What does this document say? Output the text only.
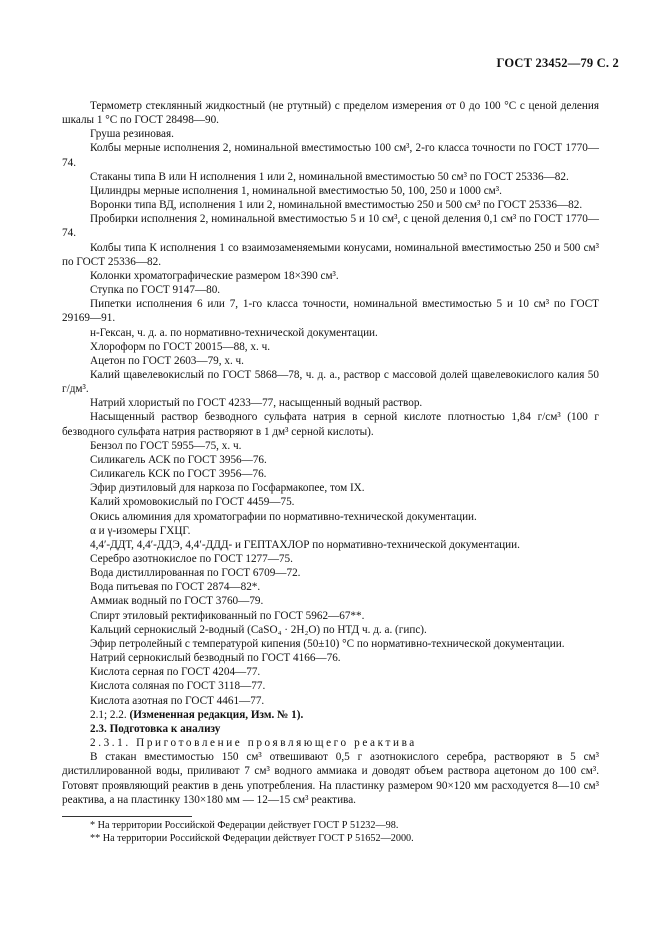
ГОСТ 23452—79 С. 2

Термометр стеклянный жидкостный (не ртутный) с пределом измерения от 0 до 100 °С с ценой деления шкалы 1 °С по ГОСТ 28498—90.

Груша резиновая.

Колбы мерные исполнения 2, номинальной вместимостью 100 см³, 2-го класса точности по ГОСТ 1770—74.

Стаканы типа В или Н исполнения 1 или 2, номинальной вместимостью 50 см³ по ГОСТ 25336—82.

Цилиндры мерные исполнения 1, номинальной вместимостью 50, 100, 250 и 1000 см³.

Воронки типа ВД, исполнения 1 или 2, номинальной вместимостью 250 и 500 см³ по ГОСТ 25336—82.

Пробирки исполнения 2, номинальной вместимостью 5 и 10 см³, с ценой деления 0,1 см³ по ГОСТ 1770—74.

Колбы типа К исполнения 1 со взаимозаменяемыми конусами, номинальной вместимостью 250 и 500 см³ по ГОСТ 25336—82.

Колонки хроматографические размером 18×390 см³.

Ступка по ГОСТ 9147—80.

Пипетки исполнения 6 или 7, 1-го класса точности, номинальной вместимостью 5 и 10 см³ по ГОСТ 29169—91.

н-Гексан, ч. д. а. по нормативно-технической документации.

Хлороформ по ГОСТ 20015—88, х. ч.

Ацетон по ГОСТ 2603—79, х. ч.

Калий щавелевокислый по ГОСТ 5868—78, ч. д. а., раствор с массовой долей щавелевокислого калия 50 г/дм³.

Натрий хлористый по ГОСТ 4233—77, насыщенный водный раствор.

Насыщенный раствор безводного сульфата натрия в серной кислоте плотностью 1,84 г/см³ (100 г безводного сульфата натрия растворяют в 1 дм³ серной кислоты).

Бензол по ГОСТ 5955—75, х. ч.

Силикагель АСК по ГОСТ 3956—76.

Силикагель КСК по ГОСТ 3956—76.

Эфир диэтиловый для наркоза по Госфармакопее, том IX.

Калий хромовокислый по ГОСТ 4459—75.

Окись алюминия для хроматографии по нормативно-технической документации.

α и γ-изомеры ГХЦГ.

4,4′-ДДТ, 4,4′-ДДЭ, 4,4′-ДДД- и ГЕПТАХЛОР по нормативно-технической документации.

Серебро азотнокислое по ГОСТ 1277—75.

Вода дистиллированная по ГОСТ 6709—72.

Вода питьевая по ГОСТ 2874—82*.

Аммиак водный по ГОСТ 3760—79.

Спирт этиловый ректификованный по ГОСТ 5962—67**.

Кальций сернокислый 2-водный (CaSO₄ · 2H₂O) по НТД ч. д. а. (гипс).

Эфир петролейный с температурой кипения (50±10) °С по нормативно-технической документации.

Натрий сернокислый безводный по ГОСТ 4166—76.

Кислота серная по ГОСТ 4204—77.

Кислота соляная по ГОСТ 3118—77.

Кислота азотная по ГОСТ 4461—77.

2.1; 2.2. (Измененная редакция, Изм. № 1).

2.3. Подготовка к анализу

2.3.1. Приготовление проявляющего реактива

В стакан вместимостью 150 см³ отвешивают 0,5 г азотнокислого серебра, растворяют в 5 см³ дистиллированной воды, приливают 7 см³ водного аммиака и доводят объем раствора ацетоном до 100 см³. Готовят проявляющий реактив в день употребления. На пластинку размером 90×120 мм расходуется 8—10 см³ реактива, а на пластинку 130×180 мм — 12—15 см³ реактива.

* На территории Российской Федерации действует ГОСТ Р 51232—98.

** На территории Российской Федерации действует ГОСТ Р 51652—2000.
